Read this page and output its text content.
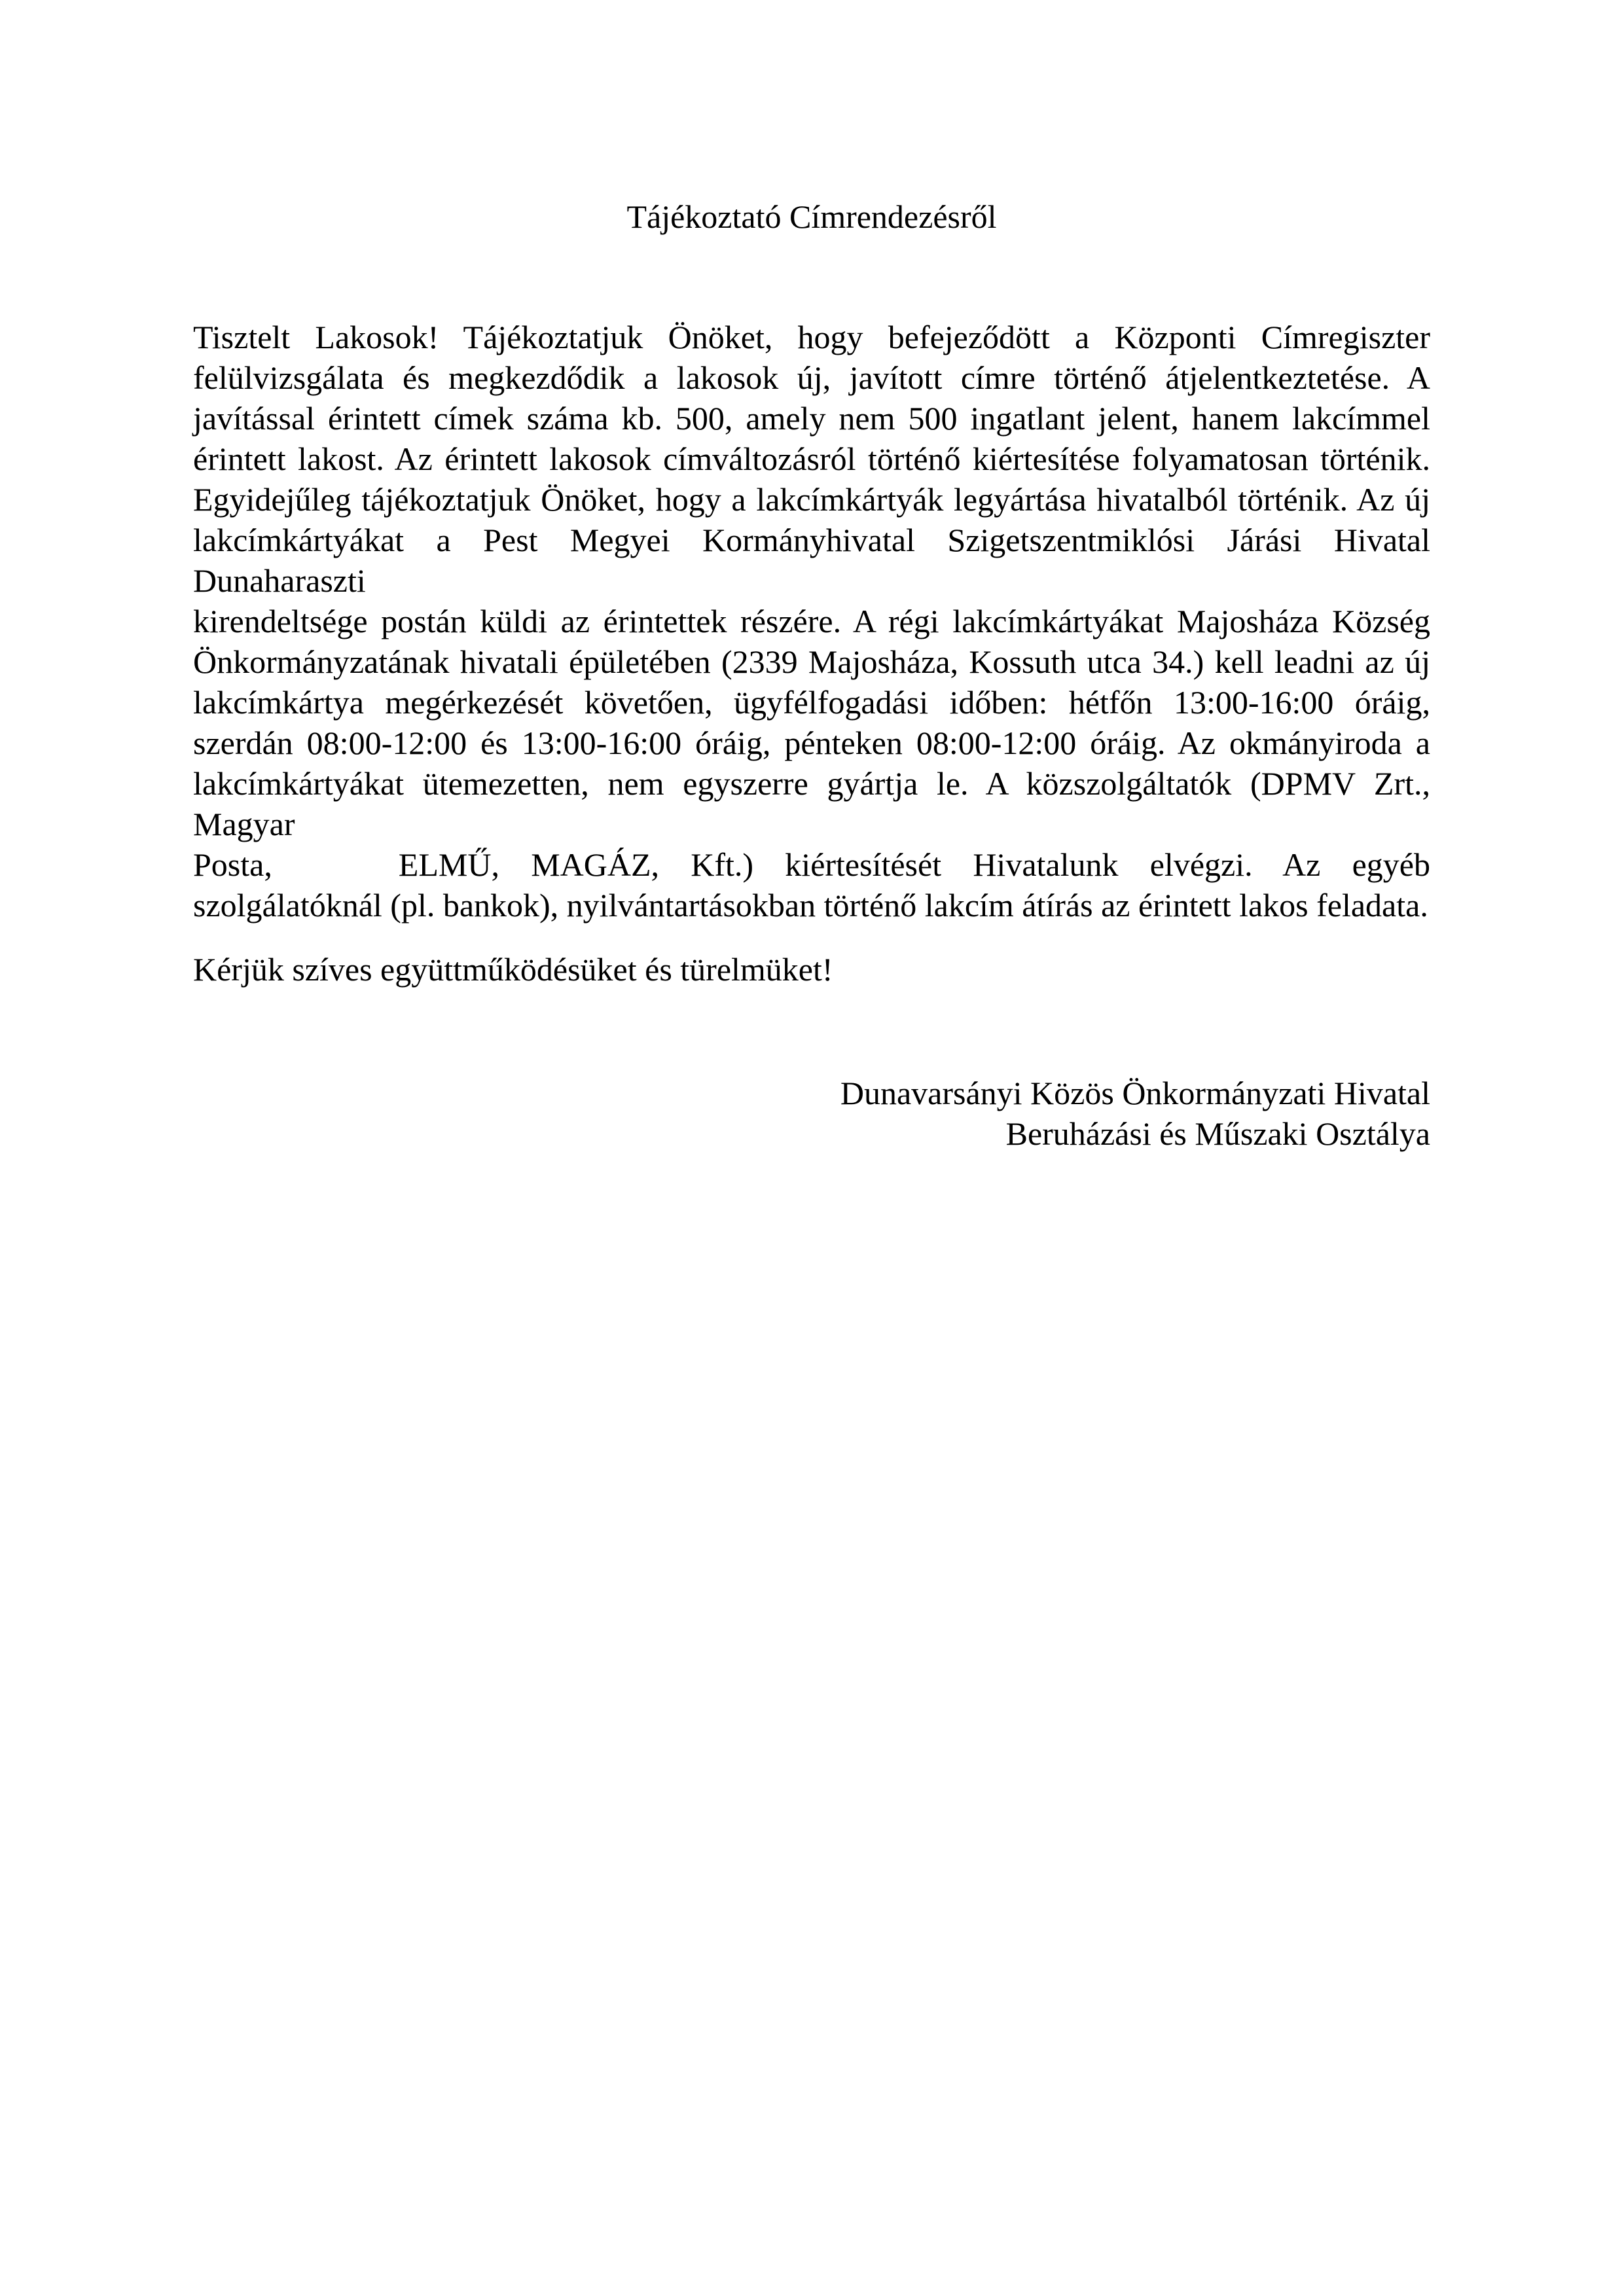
Tájékoztató Címrendezésről
Tisztelt Lakosok! Tájékoztatjuk Önöket, hogy befejeződött a Központi Címregiszter
felülvizsgálata és megkezdődik a lakosok új, javított címre történő átjelentkeztetése. A
javítással érintett címek száma kb. 500, amely nem 500 ingatlant jelent, hanem lakcímmel
érintett lakost. Az érintett lakosok címváltozásról történő kiértesítése folyamatosan történik.
Egyidejűleg tájékoztatjuk Önöket, hogy a lakcímkártyák legyártása hivatalból történik. Az új
lakcímkártyákat a Pest Megyei Kormányhivatal Szigetszentmiklósi Járási Hivatal Dunaharaszti
kirendeltsége postán küldi az érintettek részére. A régi lakcímkártyákat Majosháza Község
Önkormányzatának hivatali épületében (2339 Majosháza, Kossuth utca 34.) kell leadni az új
lakcímkártya megérkezését követően, ügyfélfogadási időben: hétfőn 13:00-16:00 óráig,
szerdán 08:00-12:00 és 13:00-16:00 óráig, pénteken 08:00-12:00 óráig. Az okmányiroda a
lakcímkártyákat ütemezetten, nem egyszerre gyártja le. A közszolgáltatók (DPMV Zrt., Magyar
Posta,    ELMŰ, MAGÁZ, Kft.) kiértesítését Hivatalunk elvégzi. Az egyéb
szolgálatóknál (pl. bankok), nyilvántartásokban történő lakcím átírás az érintett lakos feladata.

Kérjük szíves együttműködésüket és türelmüket!

Dunavarsányi Közös Önkormányzati Hivatal
Beruházási és Műszaki Osztálya
